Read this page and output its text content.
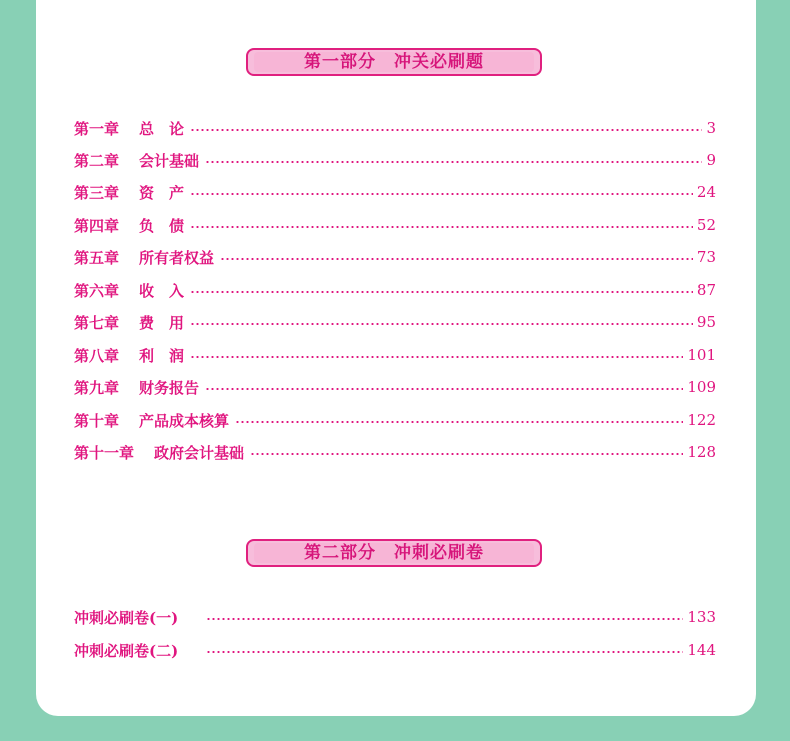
第一部分　冲关必刷题
第一章 总　论	3
第二章 会计基础	9
第三章 资　产	24
第四章 负　债	52
第五章 所有者权益	73
第六章 收　入	87
第七章 费　用	95
第八章 利　润	101
第九章 财务报告	109
第十章 产品成本核算	122
第十一章 政府会计基础	128
第二部分　冲刺必刷卷
冲刺必刷卷(一)	133
冲刺必刷卷(二)	144
